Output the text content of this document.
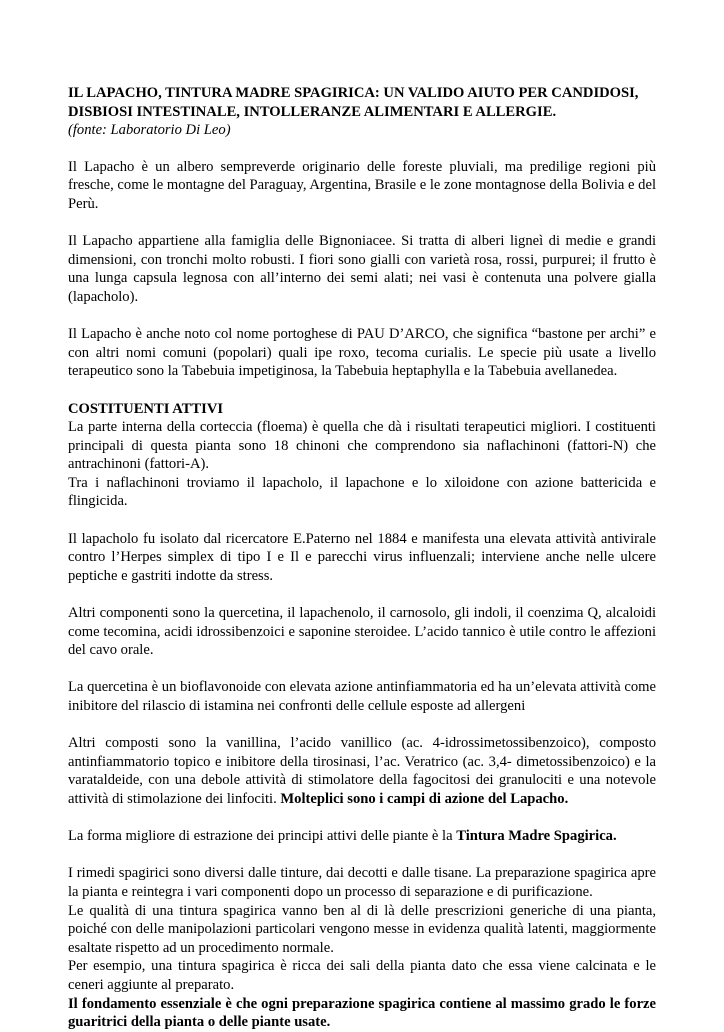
IL LAPACHO, TINTURA MADRE SPAGIRICA: UN VALIDO AIUTO PER CANDIDOSI, DISBIOSI INTESTINALE, INTOLLERANZE ALIMENTARI E ALLERGIE.
(fonte: Laboratorio Di Leo)

Il Lapacho è un albero sempreverde originario delle foreste pluviali, ma predilige regioni più fresche, come le montagne del Paraguay, Argentina, Brasile e le zone montagnose della Bolivia e del Perù.

Il Lapacho appartiene alla famiglia delle Bignoniacee. Si tratta di alberi ligneì di medie e grandi dimensioni, con tronchi molto robusti. I fiori sono gialli con varietà rosa, rossi, purpurei; il frutto è una lunga capsula legnosa con all’interno dei semi alati; nei vasi è contenuta una polvere gialla (lapacholo).

Il Lapacho è anche noto col nome portoghese di PAU D’ARCO, che significa “bastone per archi” e con altri nomi comuni (popolari) quali ipe roxo, tecoma curialis. Le specie più usate a livello terapeutico sono la Tabebuia impetiginosa, la Tabebuia heptaphylla e la Tabebuia avellanedea.

COSTITUENTI ATTIVI

La parte interna della corteccia (floema) è quella che dà i risultati terapeutici migliori. I costituenti principali di questa pianta sono 18 chinoni che comprendono sia naflachinoni (fattori-N) che antrachinoni (fattori-A).

Tra i naflachinoni troviamo il lapacholo, il lapachone e lo xiloidone con azione battericida e flingicida.

Il lapacholo fu isolato dal ricercatore E.Paterno nel 1884 e manifesta una elevata attività antivirale contro l’Herpes simplex di tipo I e Il e parecchi virus influenzali; interviene anche nelle ulcere peptiche e gastriti indotte da stress.

Altri componenti sono la quercetina, il lapachenolo, il carnosolo, gli indoli, il coenzima Q, alcaloidi come tecomina, acidi idrossibenzoici e saponine steroidee. L’acido tannico è utile contro le affezioni del cavo orale.

La quercetina è un bioflavonoide con elevata azione antinfiammatoria ed ha un’elevata attività come inibitore del rilascio di istamina nei confronti delle cellule esposte ad allergeni

Altri composti sono la vanillina, l’acido vanillico (ac. 4-idrossimetossibenzoico), composto antinfiammatorio topico e inibitore della tirosinasi, l’ac. Veratrico (ac. 3,4- dimetossibenzoico) e la varataldeide, con una debole attività di stimolatore della fagocitosi dei granulociti e una notevole attività di stimolazione dei linfociti. Molteplici sono i campi di azione del Lapacho.

La forma migliore di estrazione dei principi attivi delle piante è la Tintura Madre Spagirica.

I rimedi spagirici sono diversi dalle tinture, dai decotti e dalle tisane. La preparazione spagirica apre la pianta e reintegra i vari componenti dopo un processo di separazione e di purificazione.

Le qualità di una tintura spagirica vanno ben al di là delle prescrizioni generiche di una pianta, poiché con delle manipolazioni particolari vengono messe in evidenza qualità latenti, maggiormente esaltate rispetto ad un procedimento normale.

Per esempio, una tintura spagirica è ricca dei sali della pianta dato che essa viene calcinata e le ceneri aggiunte al preparato.

Il fondamento essenziale è che ogni preparazione spagirica contiene al massimo grado le forze guaritrici della pianta o delle piante usate.
